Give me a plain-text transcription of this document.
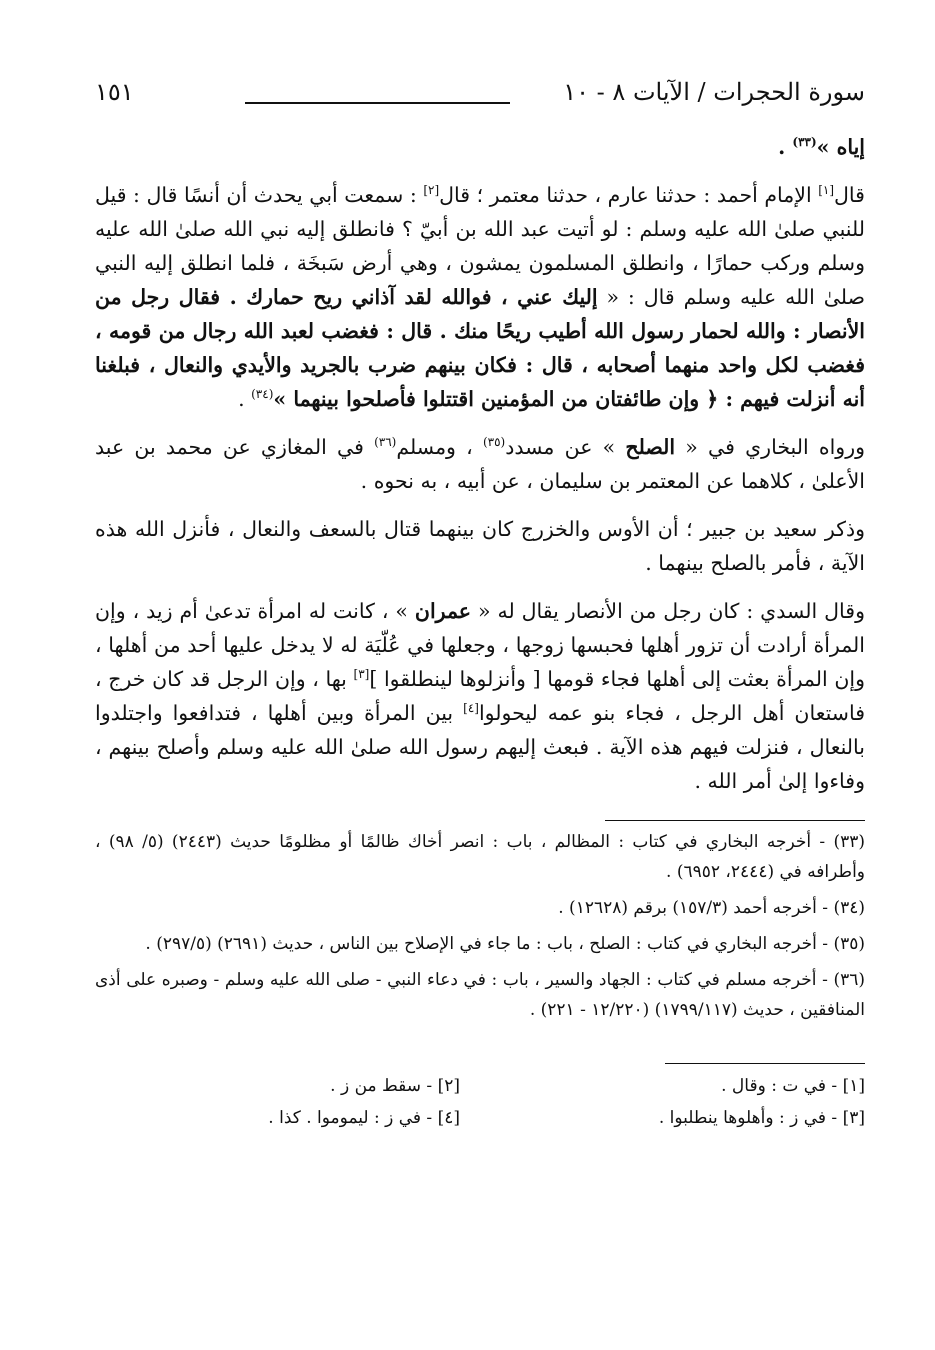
سورة الحجرات / الآيات ٨ - ١٠
١٥١

إياه »$^{(٣٣)}$ .

قال[١] الإمام أحمد : حدثنا عارم ، حدثنا معتمر ؛ قال[٢] : سمعت أبي يحدث أن أنسًا قال : قيل للنبي صلىٰ الله عليه وسلم : لو أتيت عبد الله بن أبيّ ؟ فانطلق إليه نبي الله صلىٰ الله عليه وسلم وركب حمارًا ، وانطلق المسلمون يمشون ، وهي أرض سَبخَة ، فلما انطلق إليه النبي صلىٰ الله عليه وسلم قال : « إليك عني ، فوالله لقد آذاني ريح حمارك . فقال رجل من الأنصار : والله لحمار رسول الله أطيب ريحًا منك . قال : فغضب لعبد الله رجال من قومه ، فغضب لكل واحد منهما أصحابه ، قال : فكان بينهم ضرب بالجريد والأيدي والنعال ، فبلغنا أنه أنزلت فيهم : ﴿ وإن طائفتان من المؤمنين اقتتلوا فأصلحوا بينهما »$^{(٣٤)}$ .

ورواه البخاري في « الصلح » عن مسدد$^{(٣٥)}$ ، ومسلم$^{(٣٦)}$ في المغازي عن محمد بن عبد الأعلىٰ ، كلاهما عن المعتمر بن سليمان ، عن أبيه ، به نحوه .

وذكر سعيد بن جبير ؛ أن الأوس والخزرج كان بينهما قتال بالسعف والنعال ، فأنزل الله هذه الآية ، فأمر بالصلح بينهما .

وقال السدي : كان رجل من الأنصار يقال له « عمران » ، كانت له امرأة تدعىٰ أم زيد ، وإن المرأة أرادت أن تزور أهلها فحبسها زوجها ، وجعلها في عُلّيَة له لا يدخل عليها أحد من أهلها ، وإن المرأة بعثت إلى أهلها فجاء قومها [ وأنزلوها لينطلقوا ][٣] بها ، وإن الرجل قد كان خرج ، فاستعان أهل الرجل ، فجاء بنو عمه ليحولوا[٤] بين المرأة وبين أهلها ، فتدافعوا واجتلدوا بالنعال ، فنزلت فيهم هذه الآية . فبعث إليهم رسول الله صلىٰ الله عليه وسلم وأصلح بينهم ، وفاءوا إلىٰ أمر الله .

(٣٣) - أخرجه البخاري في كتاب : المظالم ، باب : انصر أخاك ظالمًا أو مظلومًا حديث (٢٤٤٣) (٥/ ٩٨) ، وأطرافه في (٢٤٤٤، ٦٩٥٢) .

(٣٤) - أخرجه أحمد (١٥٧/٣) برقم (١٢٦٢٨) .

(٣٥) - أخرجه البخاري في كتاب : الصلح ، باب : ما جاء في الإصلاح بين الناس ، حديث (٢٦٩١) (٢٩٧/٥) .

(٣٦) - أخرجه مسلم في كتاب : الجهاد والسير ، باب : في دعاء النبي - صلى الله عليه وسلم - وصبره على أذى المنافقين ، حديث (١٧٩٩/١١٧) (١٢/٢٢٠ - ٢٢١) .

[١] - في ت : وقال .
[٢] - سقط من ز .
[٣] - في ز : وأهلوها ينطلبوا .
[٤] - في ز : ليموموا . كذا .
